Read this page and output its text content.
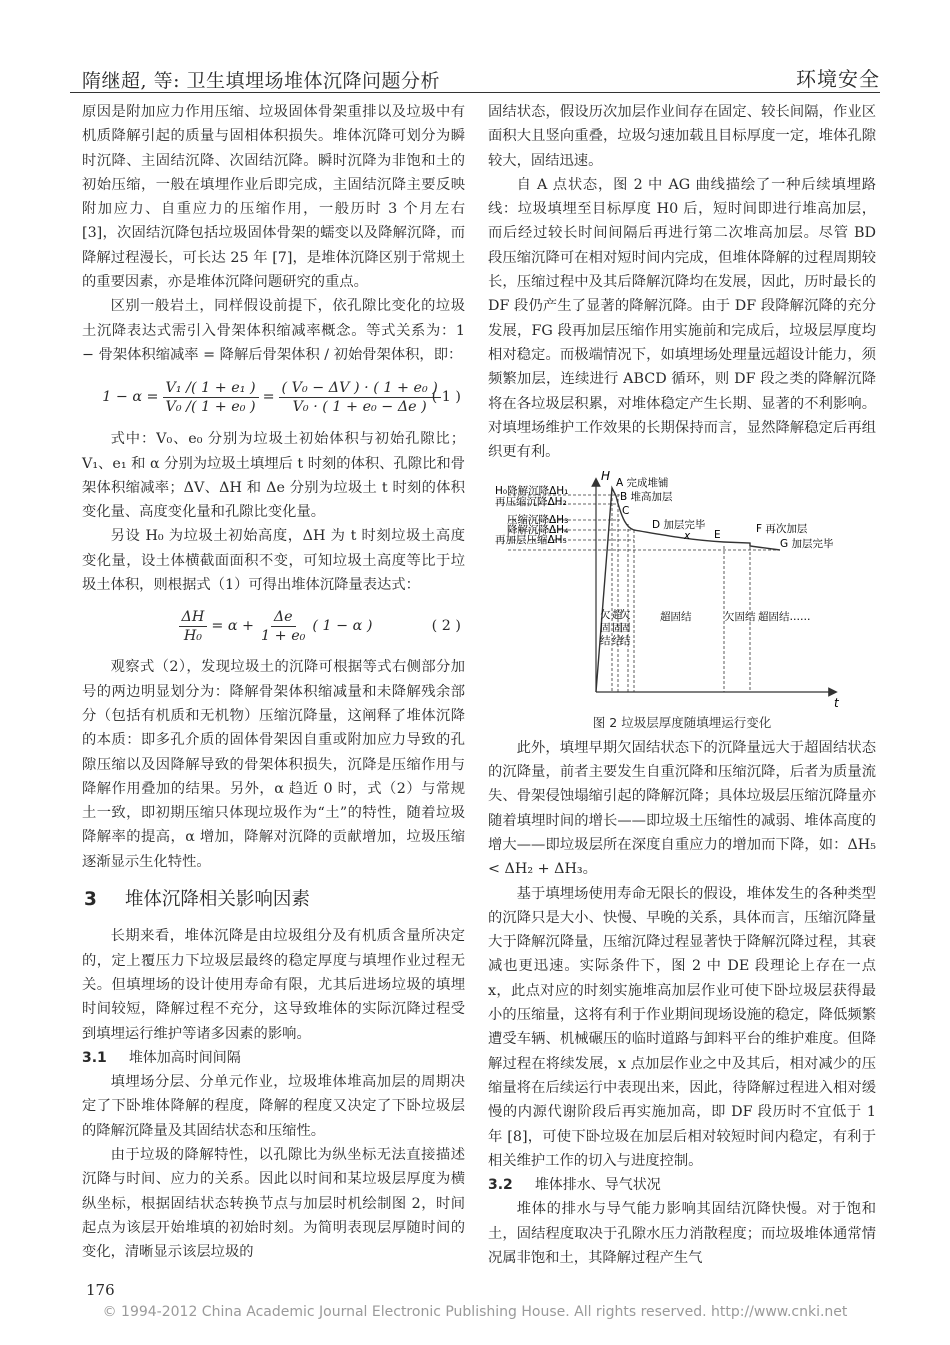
隋继超, 等: 卫生填埋场堆体沉降问题分析	环境安全

原因是附加应力作用压缩、垃圾固体骨架重排以及垃圾中有机质降解引起的质量与固相体积损失。堆体沉降可划分为瞬时沉降、主固结沉降、次固结沉降。瞬时沉降为非饱和土的初始压缩，一般在填埋作业后即完成，主固结沉降主要反映附加应力、自重应力的压缩作用，一般历时 3 个月左右 [3]，次固结沉降包括垃圾固体骨架的蠕变以及降解沉降，而降解过程漫长，可长达 25 年 [7]，是堆体沉降区别于常规土的重要因素，亦是堆体沉降问题研究的重点。

区别一般岩土，同样假设前提下，依孔隙比变化的垃圾土沉降表达式需引入骨架体积缩减率概念。等式关系为：1 − 骨架体积缩减率 = 降解后骨架体积 / 初始骨架体积，即：

$1 - \alpha = \frac{\text{V₁ /( 1 + e₁ )}}{\text{V₀ /( 1 + e₀ )}} = \frac{\text{( V₀ − ΔV ) · ( 1 + e₀ )}}{\text{V₀ · ( 1 + e₀ − Δe )}}$
( 1 )

式中：V₀、e₀ 分别为垃圾土初始体积与初始孔隙比；V₁、e₁ 和 α 分别为垃圾土填埋后 t 时刻的体积、孔隙比和骨架体积缩减率；ΔV、ΔH 和 Δe 分别为垃圾土 t 时刻的体积变化量、高度变化量和孔隙比变化量。

另设 H₀ 为垃圾土初始高度，ΔH 为 t 时刻垃圾土高度变化量，设土体横截面面积不变，可知垃圾土高度等比于垃圾土体积，则根据式（1）可得出堆体沉降量表达式：

$\frac{\Delta H}{\text{H₀}} = \alpha + \frac{\Delta e}{\text{1 + e₀}}$ ( 1 − α )	( 2 )

观察式（2），发现垃圾土的沉降可根据等式右侧部分加号的两边明显划分为：降解骨架体积缩减量和未降解残余部分（包括有机质和无机物）压缩沉降量，这阐释了堆体沉降的本质：即多孔介质的固体骨架因自重或附加应力导致的孔隙压缩以及因降解导致的骨架体积损失，沉降是压缩作用与降解作用叠加的结果。另外，α 趋近 0 时，式（2）与常规土一致，即初期压缩只体现垃圾作为“土”的特性，随着垃圾降解率的提高，α 增加，降解对沉降的贡献增加，垃圾压缩逐渐显示生化特性。

3 堆体沉降相关影响因素

长期来看，堆体沉降是由垃圾组分及有机质含量所决定的，定上覆压力下垃圾层最终的稳定厚度与填埋作业过程无关。但填埋场的设计使用寿命有限，尤其后进场垃圾的填埋时间较短，降解过程不充分，这导致堆体的实际沉降过程受到填埋运行维护等诸多因素的影响。

3.1 堆体加高时间间隔

填埋场分层、分单元作业，垃圾堆体堆高加层的周期决定了下卧堆体降解的程度，降解的程度又决定了下卧垃圾层的降解沉降量及其固结状态和压缩性。

由于垃圾的降解特性，以孔隙比为纵坐标无法直接描述沉降与时间、应力的关系。因此以时间和某垃圾层厚度为横纵坐标，根据固结状态转换节点与加层时机绘制图 2，时间起点为该层开始堆填的初始时刻。为简明表现层厚随时间的变化，清晰显示该层垃圾的

固结状态，假设历次加层作业间存在固定、较长间隔，作业区面积大且竖向重叠，垃圾匀速加载且目标厚度一定，堆体孔隙较大，固结迅速。

自 A 点状态，图 2 中 AG 曲线描绘了一种后续填埋路线：垃圾填埋至目标厚度 H0 后，短时间即进行堆高加层，而后经过较长时间间隔后再进行第二次堆高加层。尽管 BD 段压缩沉降可在相对短时间内完成，但堆体降解的过程周期较长，压缩过程中及其后降解沉降均在发展，因此，历时最长的 DF 段仍产生了显著的降解沉降。由于 DF 段降解沉降的充分发展，FG 段再加层压缩作用实施前和完成后，垃圾层厚度均相对稳定。而极端情况下，如填埋场处理量远超设计能力，须频繁加层，连续进行 ABCD 循环，则 DF 段之类的降解沉降将在各垃圾层积累，对堆体稳定产生长期、显著的不利影响。对填埋场维护工作效果的长期保持而言，显然降解稳定后再组织更有利。

H
t
H₀降解沉降ΔH₁
再压缩沉降ΔH₂
压缩沉降ΔH₃
降解沉降ΔH₄
再加层压缩ΔH₅
A 完成堆铺
B 堆高加层
C
D 加层完毕
x E	F 再次加层
G 加层完毕
欠固结
超固结
欠固结
超固结	欠固结 超固结……
图 2 垃圾层厚度随填埋运行变化

此外，填埋早期欠固结状态下的沉降量远大于超固结状态的沉降量，前者主要发生自重沉降和压缩沉降，后者为质量流失、骨架侵蚀塌缩引起的降解沉降；具体垃圾层压缩沉降量亦随着填埋时间的增长——即垃圾土压缩性的减弱、堆体高度的增大——即垃圾层所在深度自重应力的增加而下降，如：ΔH₅ < ΔH₂ + ΔH₃。

基于填埋场使用寿命无限长的假设，堆体发生的各种类型的沉降只是大小、快慢、早晚的关系，具体而言，压缩沉降量大于降解沉降量，压缩沉降过程显著快于降解沉降过程，其衰减也更迅速。实际条件下，图 2 中 DE 段理论上存在一点 x，此点对应的时刻实施堆高加层作业可使下卧垃圾层获得最小的压缩量，这将有利于作业期间现场设施的稳定，降低频繁遭受车辆、机械碾压的临时道路与卸料平台的维护难度。但降解过程在将续发展，x 点加层作业之中及其后，相对减少的压缩量将在后续运行中表现出来，因此，待降解过程进入相对缓慢的内源代谢阶段后再实施加高，即 DF 段历时不宜低于 1 年 [8]，可使下卧垃圾在加层后相对较短时间内稳定，有利于相关维护工作的切入与进度控制。

3.2 堆体排水、导气状况

堆体的排水与导气能力影响其固结沉降快慢。对于饱和土，固结程度取决于孔隙水压力消散程度；而垃圾堆体通常情况属非饱和土，其降解过程产生气

176
© 1994-2012 China Academic Journal Electronic Publishing House. All rights reserved. http://www.cnki.net
